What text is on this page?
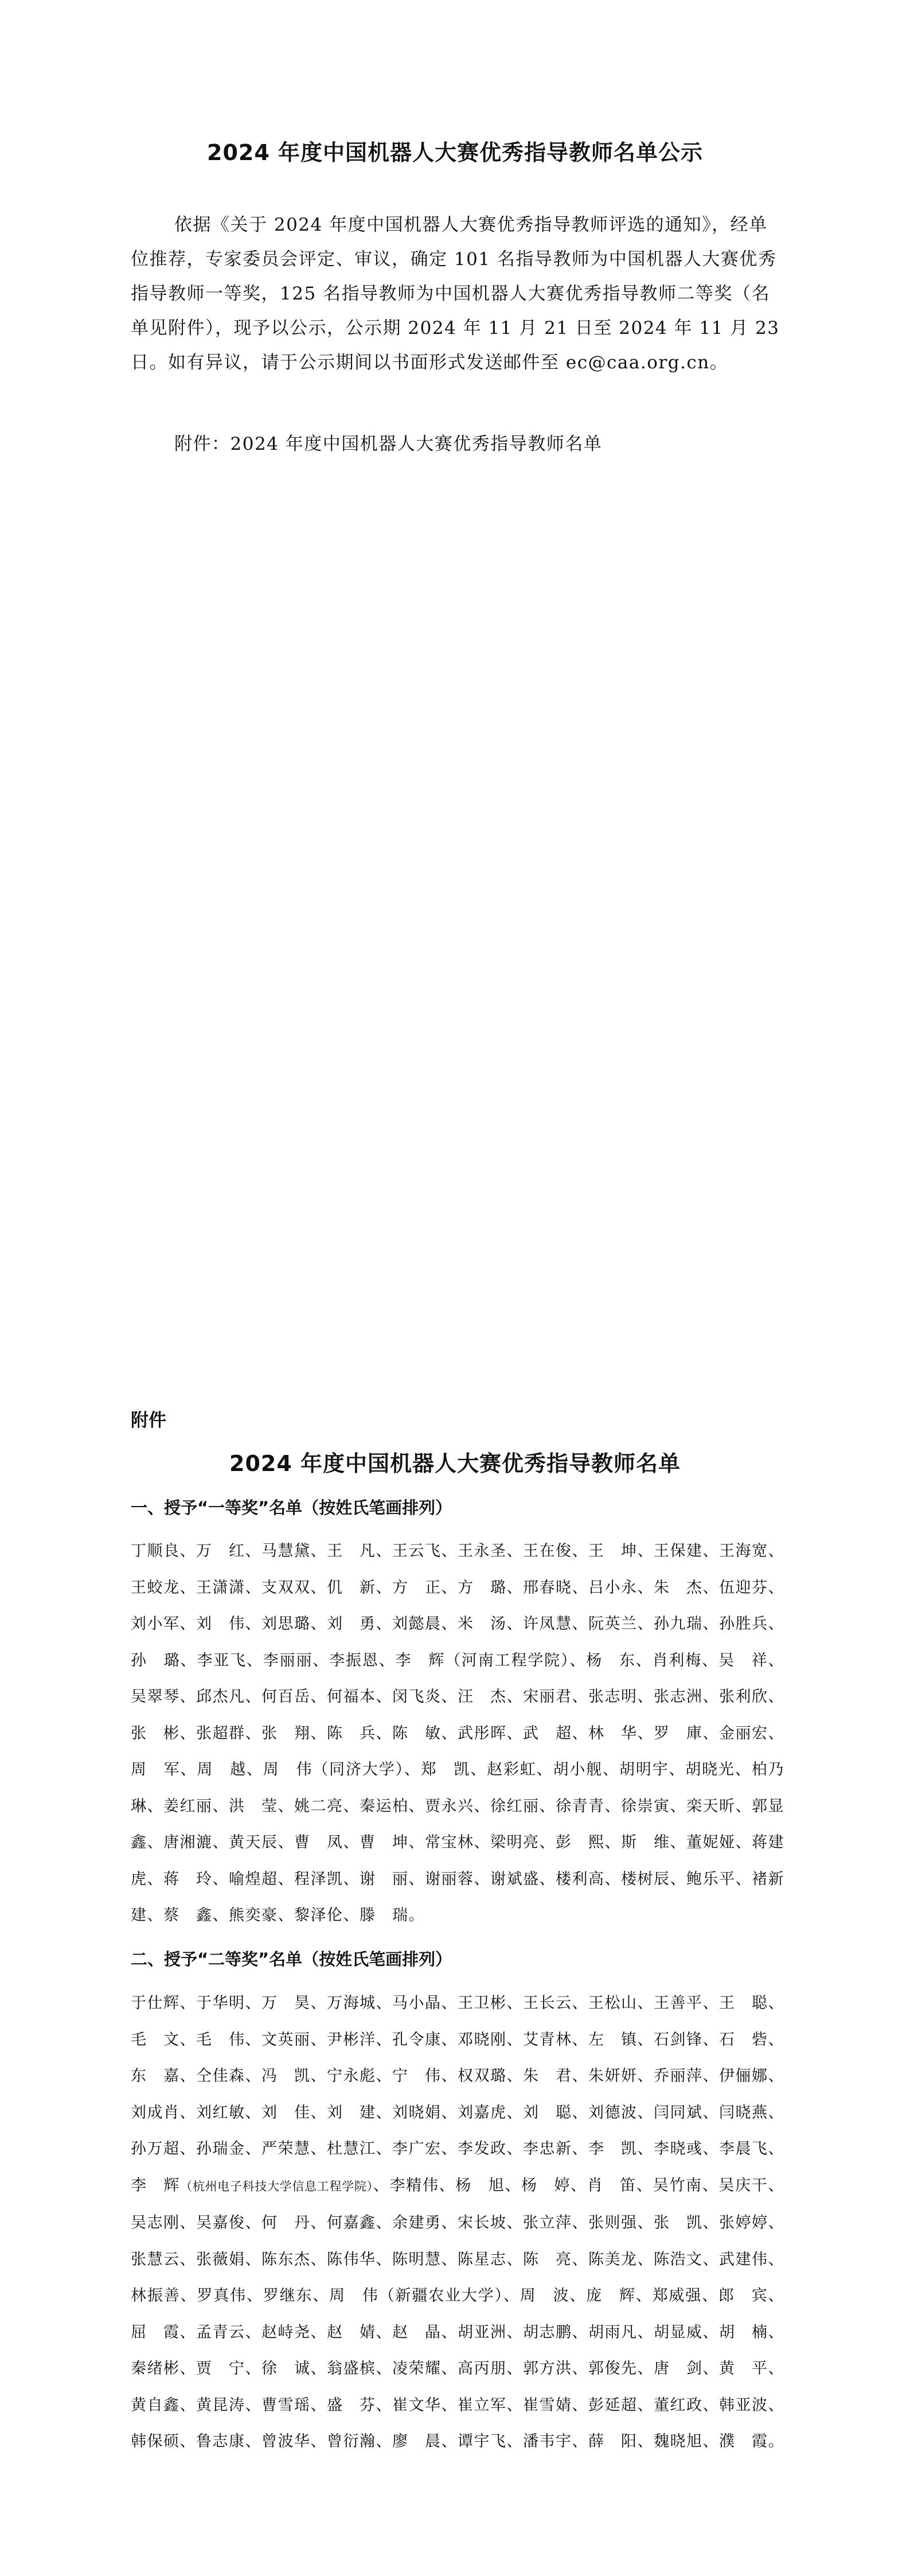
2024 年度中国机器人大赛优秀指导教师名单公示

依据《关于 2024 年度中国机器人大赛优秀指导教师评选的通知》，经单位推荐，专家委员会评定、审议，确定 101 名指导教师为中国机器人大赛优秀指导教师一等奖，125 名指导教师为中国机器人大赛优秀指导教师二等奖（名单见附件），现予以公示，公示期 2024 年 11 月 21 日至 2024 年 11 月 23 日。如有异议，请于公示期间以书面形式发送邮件至 ec@caa.org.cn。

附件：2024 年度中国机器人大赛优秀指导教师名单

附件
2024 年度中国机器人大赛优秀指导教师名单
一、授予“一等奖”名单（按姓氏笔画排列）

丁顺良、万　红、马慧黛、王　凡、王云飞、王永圣、王在俊、王　坤、王保建、王海宽、王蛟龙、王潇潇、支双双、仉　新、方　正、方　璐、邢春晓、吕小永、朱　杰、伍迎芬、刘小军、刘　伟、刘思璐、刘　勇、刘懿晨、米　汤、许凤慧、阮英兰、孙九瑞、孙胜兵、孙　璐、李亚飞、李丽丽、李振恩、李　辉（河南工程学院）、杨　东、肖利梅、吴　祥、吴翠琴、邱杰凡、何百岳、何福本、闵飞炎、汪　杰、宋丽君、张志明、张志洲、张利欣、张　彬、张超群、张　翔、陈　兵、陈　敏、武彤晖、武　超、林　华、罗　庫、金丽宏、周　军、周　越、周　伟（同济大学）、郑　凯、赵彩虹、胡小舰、胡明宇、胡晓光、柏乃琳、姜红丽、洪　莹、姚二亮、秦运柏、贾永兴、徐红丽、徐青青、徐崇寅、栾天昕、郭显鑫、唐湘漉、黄天辰、曹　凤、曹　坤、常宝林、梁明亮、彭　熙、斯　维、董妮娅、蒋建虎、蒋　玲、喻煌超、程泽凯、谢　丽、谢丽蓉、谢斌盛、楼利高、楼树辰、鲍乐平、褚新建、蔡　鑫、熊奕豪、黎泽伦、滕　瑞。

二、授予“二等奖”名单（按姓氏笔画排列）

于仕辉、于华明、万　昊、万海城、马小晶、王卫彬、王长云、王松山、王善平、王　聪、毛　文、毛　伟、文英丽、尹彬洋、孔令康、邓晓刚、艾青林、左　镇、石剑锋、石　砦、东　嘉、仝佳森、冯　凯、宁永彪、宁　伟、权双璐、朱　君、朱妍妍、乔丽萍、伊俪娜、刘成肖、刘红敏、刘　佳、刘　建、刘晓娟、刘嘉虎、刘　聪、刘德波、闫同斌、闫晓燕、孙万超、孙瑞金、严荣慧、杜慧江、李广宏、李发政、李忠新、李　凯、李晓彧、李晨飞、李　辉（杭州电子科技大学信息工程学院）、李精伟、杨　旭、杨　婷、肖　笛、吴竹南、吴庆干、吴志刚、吴嘉俊、何　丹、何嘉鑫、余建勇、宋长坡、张立萍、张则强、张　凯、张婷婷、张慧云、张薇娟、陈东杰、陈伟华、陈明慧、陈星志、陈　亮、陈美龙、陈浩文、武建伟、林振善、罗真伟、罗继东、周　伟（新疆农业大学）、周　波、庞　辉、郑威强、郎　宾、屈　霞、孟青云、赵峙尧、赵　婧、赵　晶、胡亚洲、胡志鹏、胡雨凡、胡显威、胡　楠、秦绪彬、贾　宁、徐　诚、翁盛槟、凌荣耀、高丙朋、郭方洪、郭俊先、唐　剑、黄　平、黄自鑫、黄昆涛、曹雪瑶、盛　芬、崔文华、崔立军、崔雪婧、彭延超、董红政、韩亚波、韩保硕、鲁志康、曾波华、曾衍瀚、廖　晨、谭宇飞、潘韦宇、薛　阳、魏晓旭、濮　霞。
